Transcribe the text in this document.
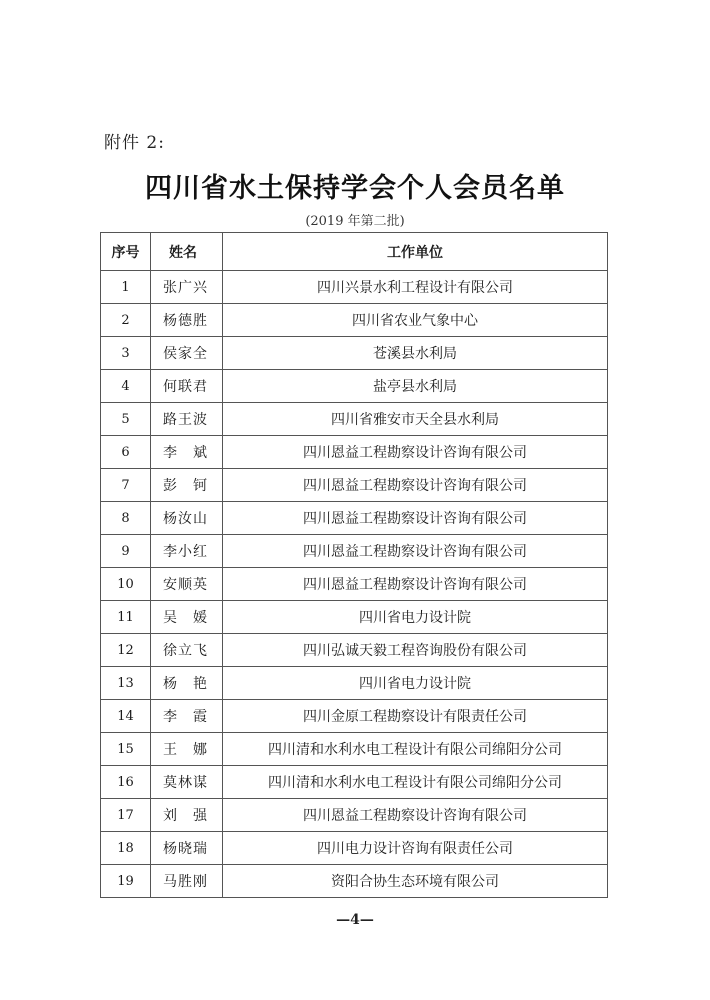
附件 2:
四川省水土保持学会个人会员名单
(2019 年第二批)
序号	姓名	工作单位
1	张广兴	四川兴景水利工程设计有限公司
2	杨德胜	四川省农业气象中心
3	侯家全	苍溪县水利局
4	何联君	盐亭县水利局
5	路王波	四川省雅安市天全县水利局
6	李　斌	四川恩益工程勘察设计咨询有限公司
7	彭　钶	四川恩益工程勘察设计咨询有限公司
8	杨汝山	四川恩益工程勘察设计咨询有限公司
9	李小红	四川恩益工程勘察设计咨询有限公司
10	安顺英	四川恩益工程勘察设计咨询有限公司
11	吴　媛	四川省电力设计院
12	徐立飞	四川弘诚天毅工程咨询股份有限公司
13	杨　艳	四川省电力设计院
14	李　霞	四川金原工程勘察设计有限责任公司
15	王　娜	四川清和水利水电工程设计有限公司绵阳分公司
16	莫林谋	四川清和水利水电工程设计有限公司绵阳分公司
17	刘　强	四川恩益工程勘察设计咨询有限公司
18	杨晓瑞	四川电力设计咨询有限责任公司
19	马胜刚	资阳合协生态环境有限公司
—4—
